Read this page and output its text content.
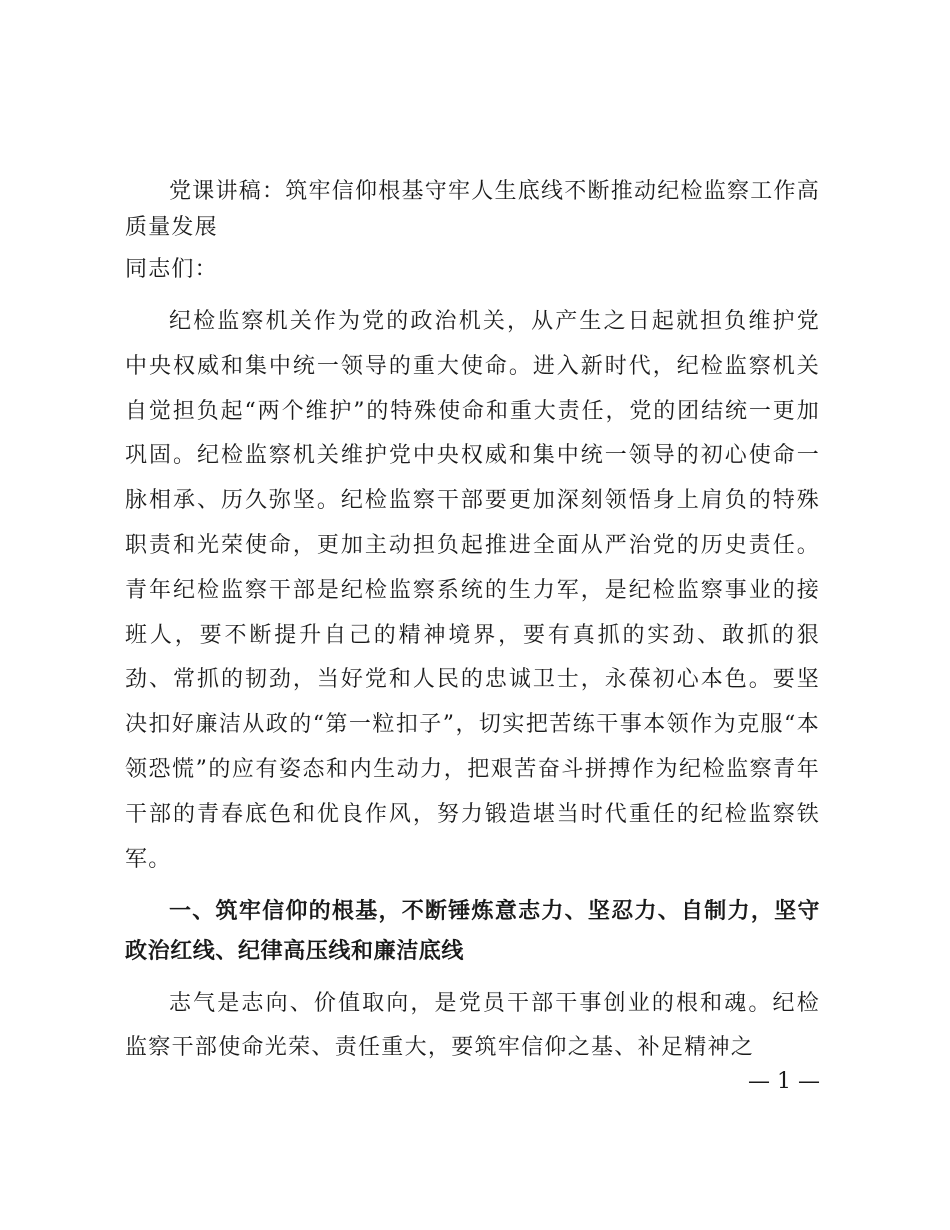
党课讲稿：筑牢信仰根基守牢人生底线不断推动纪检监察工作高质量发展

同志们：

纪检监察机关作为党的政治机关，从产生之日起就担负维护党中央权威和集中统一领导的重大使命。进入新时代，纪检监察机关自觉担负起“两个维护”的特殊使命和重大责任，党的团结统一更加巩固。纪检监察机关维护党中央权威和集中统一领导的初心使命一脉相承、历久弥坚。纪检监察干部要更加深刻领悟身上肩负的特殊职责和光荣使命，更加主动担负起推进全面从严治党的历史责任。青年纪检监察干部是纪检监察系统的生力军，是纪检监察事业的接班人，要不断提升自己的精神境界，要有真抓的实劲、敢抓的狠劲、常抓的韧劲，当好党和人民的忠诚卫士，永葆初心本色。要坚决扣好廉洁从政的“第一粒扣子”，切实把苦练干事本领作为克服“本领恐慌”的应有姿态和内生动力，把艰苦奋斗拼搏作为纪检监察青年干部的青春底色和优良作风，努力锻造堪当时代重任的纪检监察铁军。

一、筑牢信仰的根基，不断锤炼意志力、坚忍力、自制力，坚守政治红线、纪律高压线和廉洁底线

志气是志向、价值取向，是党员干部干事创业的根和魂。纪检监察干部使命光荣、责任重大，要筑牢信仰之基、补足精神之

— 1 —
